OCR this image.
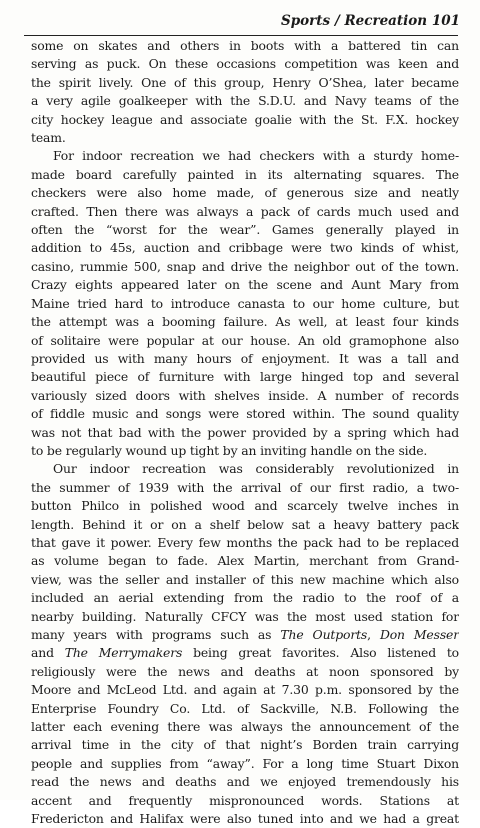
Sports / Recreation 101
some on skates and others in boots with a battered tin can
serving as puck. On these occasions competition was keen and
the spirit lively. One of this group, Henry O’Shea, later became
a very agile goalkeeper with the S.D.U. and Navy teams of the
city hockey league and associate goalie with the St. F.X. hockey
team.
For indoor recreation we had checkers with a sturdy home-
made board carefully painted in its alternating squares. The
checkers were also home made, of generous size and neatly
crafted. Then there was always a pack of cards much used and
often the “worst for the wear”. Games generally played in
addition to 45s, auction and cribbage were two kinds of whist,
casino, rummie 500, snap and drive the neighbor out of the town.
Crazy eights appeared later on the scene and Aunt Mary from
Maine tried hard to introduce canasta to our home culture, but
the attempt was a booming failure. As well, at least four kinds
of solitaire were popular at our house. An old gramophone also
provided us with many hours of enjoyment. It was a tall and
beautiful piece of furniture with large hinged top and several
variously sized doors with shelves inside. A number of records
of fiddle music and songs were stored within. The sound quality
was not that bad with the power provided by a spring which had
to be regularly wound up tight by an inviting handle on the side.
Our indoor recreation was considerably revolutionized in
the summer of 1939 with the arrival of our first radio, a two-
button Philco in polished wood and scarcely twelve inches in
length. Behind it or on a shelf below sat a heavy battery pack
that gave it power. Every few months the pack had to be replaced
as volume began to fade. Alex Martin, merchant from Grand-
view, was the seller and installer of this new machine which also
included an aerial extending from the radio to the roof of a
nearby building. Naturally CFCY was the most used station for
many years with programs such as The Outports, Don Messer
and The Merrymakers being great favorites. Also listened to
religiously were the news and deaths at noon sponsored by
Moore and McLeod Ltd. and again at 7.30 p.m. sponsored by the
Enterprise Foundry Co. Ltd. of Sackville, N.B. Following the
latter each evening there was always the announcement of the
arrival time in the city of that night’s Borden train carrying
people and supplies from “away”. For a long time Stuart Dixon
read the news and deaths and we enjoyed tremendously his
accent and frequently mispronounced words. Stations at
Fredericton and Halifax were also tuned into and we had a great
